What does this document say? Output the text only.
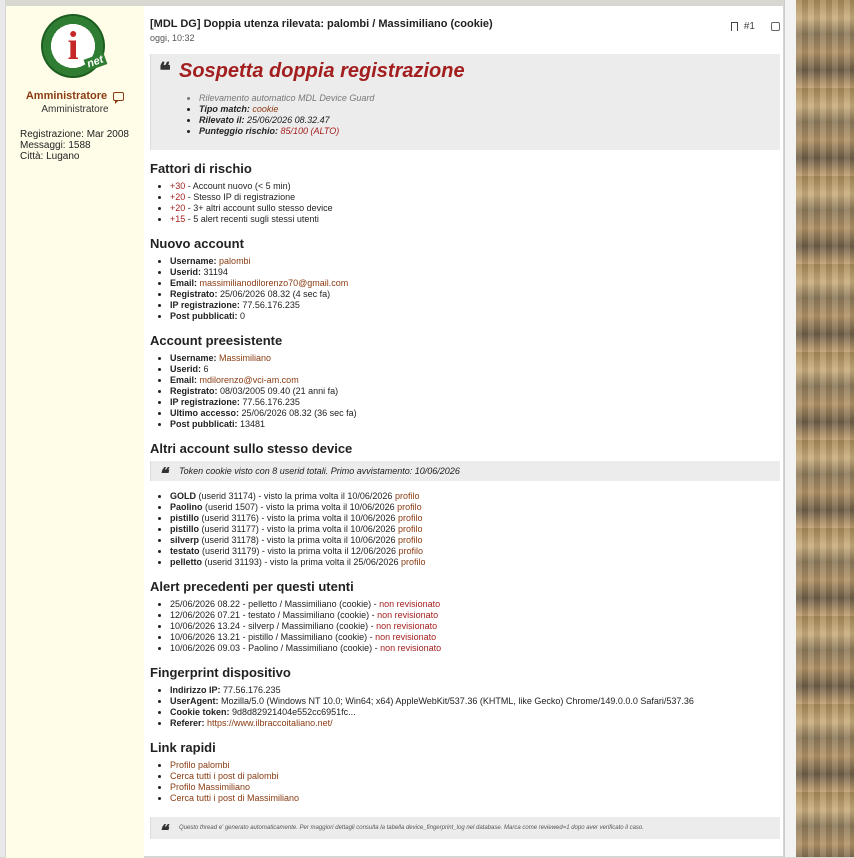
i net
Amministratore
Amministratore
Registrazione: Mar 2008
Messaggi: 1588
Città: Lugano
[MDL DG] Doppia utenza rilevata: palombi / Massimiliano (cookie)
oggi, 10:32
#1
❝ Sospetta doppia registrazione
• Rilevamento automatico MDL Device Guard
• Tipo match: cookie
• Rilevato il: 25/06/2026 08.32.47
• Punteggio rischio: 85/100 (ALTO)
Fattori di rischio
• +30 - Account nuovo (< 5 min)
• +20 - Stesso IP di registrazione
• +20 - 3+ altri account sullo stesso device
• +15 - 5 alert recenti sugli stessi utenti
Nuovo account
• Username: palombi
• Userid: 31194
• Email: massimilianodilorenzo70@gmail.com
• Registrato: 25/06/2026 08.32 (4 sec fa)
• IP registrazione: 77.56.176.235
• Post pubblicati: 0
Account preesistente
• Username: Massimiliano
• Userid: 6
• Email: mdilorenzo@vci-am.com
• Registrato: 08/03/2005 09.40 (21 anni fa)
• IP registrazione: 77.56.176.235
• Ultimo accesso: 25/06/2026 08.32 (36 sec fa)
• Post pubblicati: 13481
Altri account sullo stesso device
❝ Token cookie visto con 8 userid totali. Primo avvistamento: 10/06/2026
• GOLD (userid 31174) - visto la prima volta il 10/06/2026 profilo
• Paolino (userid 1507) - visto la prima volta il 10/06/2026 profilo
• pistillo (userid 31176) - visto la prima volta il 10/06/2026 profilo
• pistillo (userid 31177) - visto la prima volta il 10/06/2026 profilo
• silverp (userid 31178) - visto la prima volta il 10/06/2026 profilo
• testato (userid 31179) - visto la prima volta il 12/06/2026 profilo
• pelletto (userid 31193) - visto la prima volta il 25/06/2026 profilo
Alert precedenti per questi utenti
• 25/06/2026 08.22 - pelletto / Massimiliano (cookie) - non revisionato
• 12/06/2026 07.21 - testato / Massimiliano (cookie) - non revisionato
• 10/06/2026 13.24 - silverp / Massimiliano (cookie) - non revisionato
• 10/06/2026 13.21 - pistillo / Massimiliano (cookie) - non revisionato
• 10/06/2026 09.03 - Paolino / Massimiliano (cookie) - non revisionato
Fingerprint dispositivo
• Indirizzo IP: 77.56.176.235
• UserAgent: Mozilla/5.0 (Windows NT 10.0; Win64; x64) AppleWebKit/537.36 (KHTML, like Gecko) Chrome/149.0.0.0 Safari/537.36
• Cookie token: 9d8d82921404e552cc6951fc...
• Referer: https://www.ilbraccoitaliano.net/
Link rapidi
• Profilo palombi
• Cerca tutti i post di palombi
• Profilo Massimiliano
• Cerca tutti i post di Massimiliano
❝ Questo thread e' generato automaticamente. Per maggiori dettagli consulta la tabella device_fingerprint_log nel database. Marca come reviewed=1 dopo aver verificato il caso.
